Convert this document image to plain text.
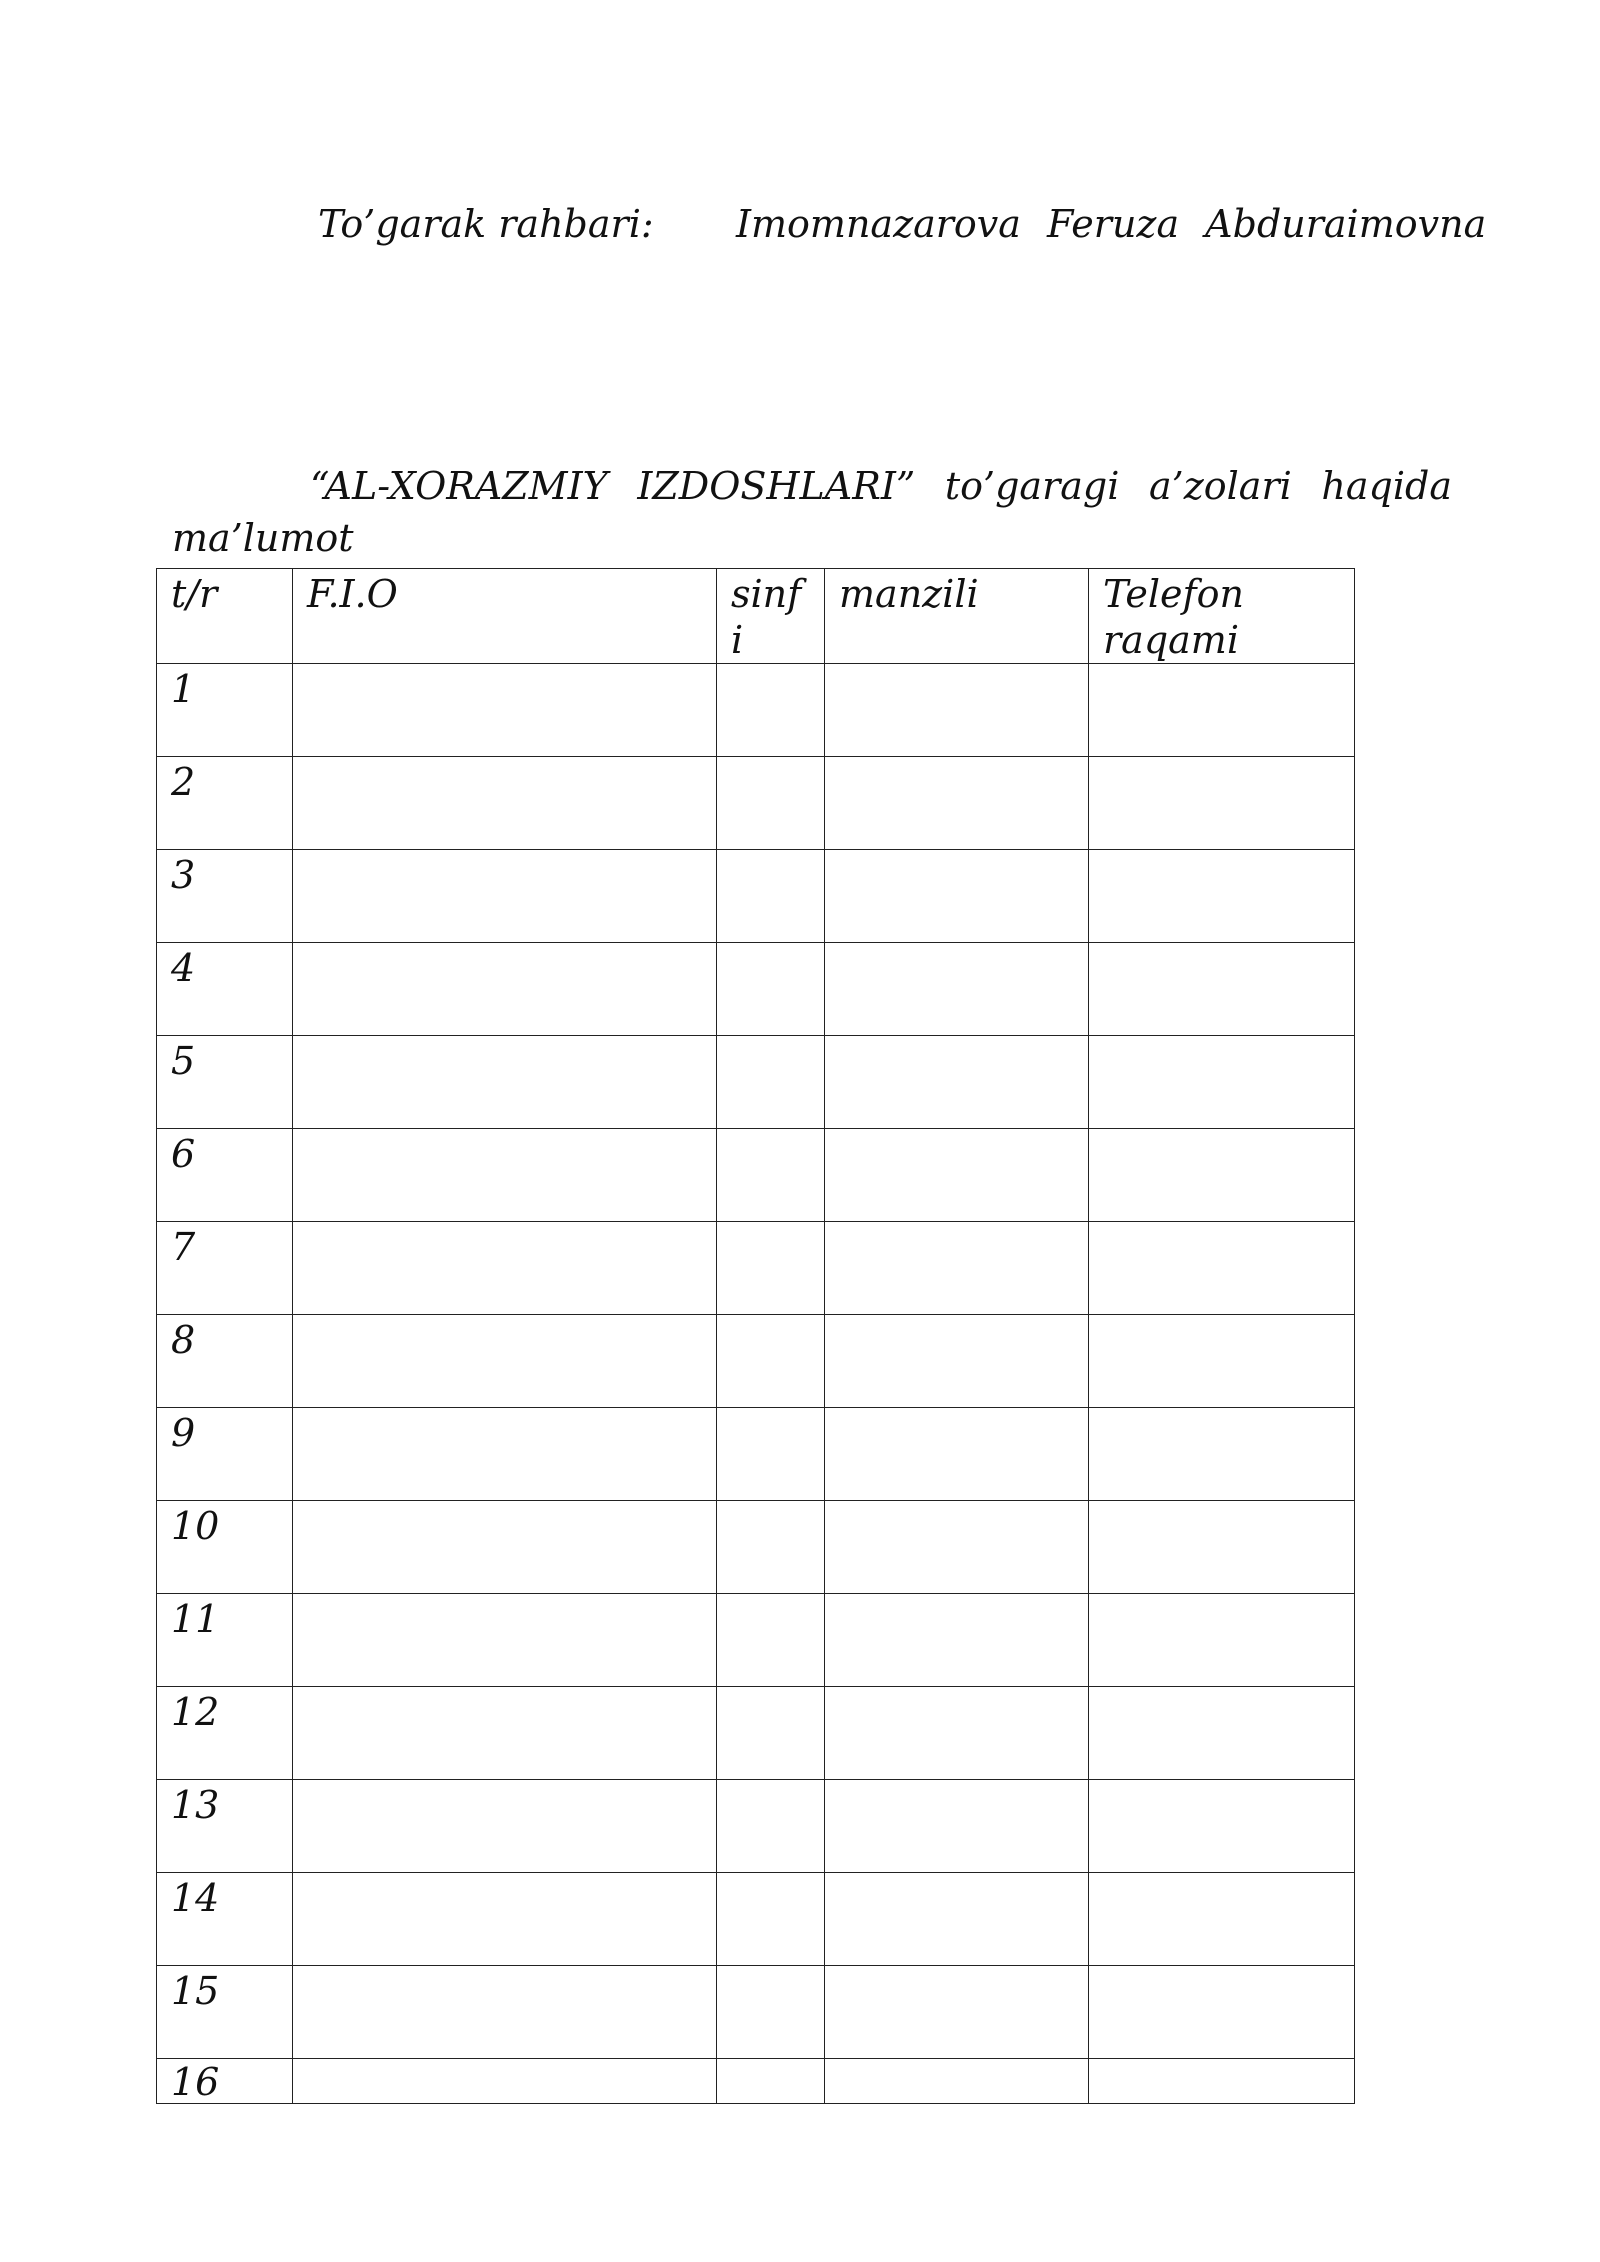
To’garak rahbari: Imomnazarova Feruza Abduraimovna
“AL-XORAZMIY IZDOSHLARI” to’garagi a’zolari haqida
ma’lumot
t/r	F.I.O	sinfi	manzili	Telefon raqami
1				
2				
3				
4				
5				
6				
7				
8				
9				
10				
11				
12				
13				
14				
15				
16				
